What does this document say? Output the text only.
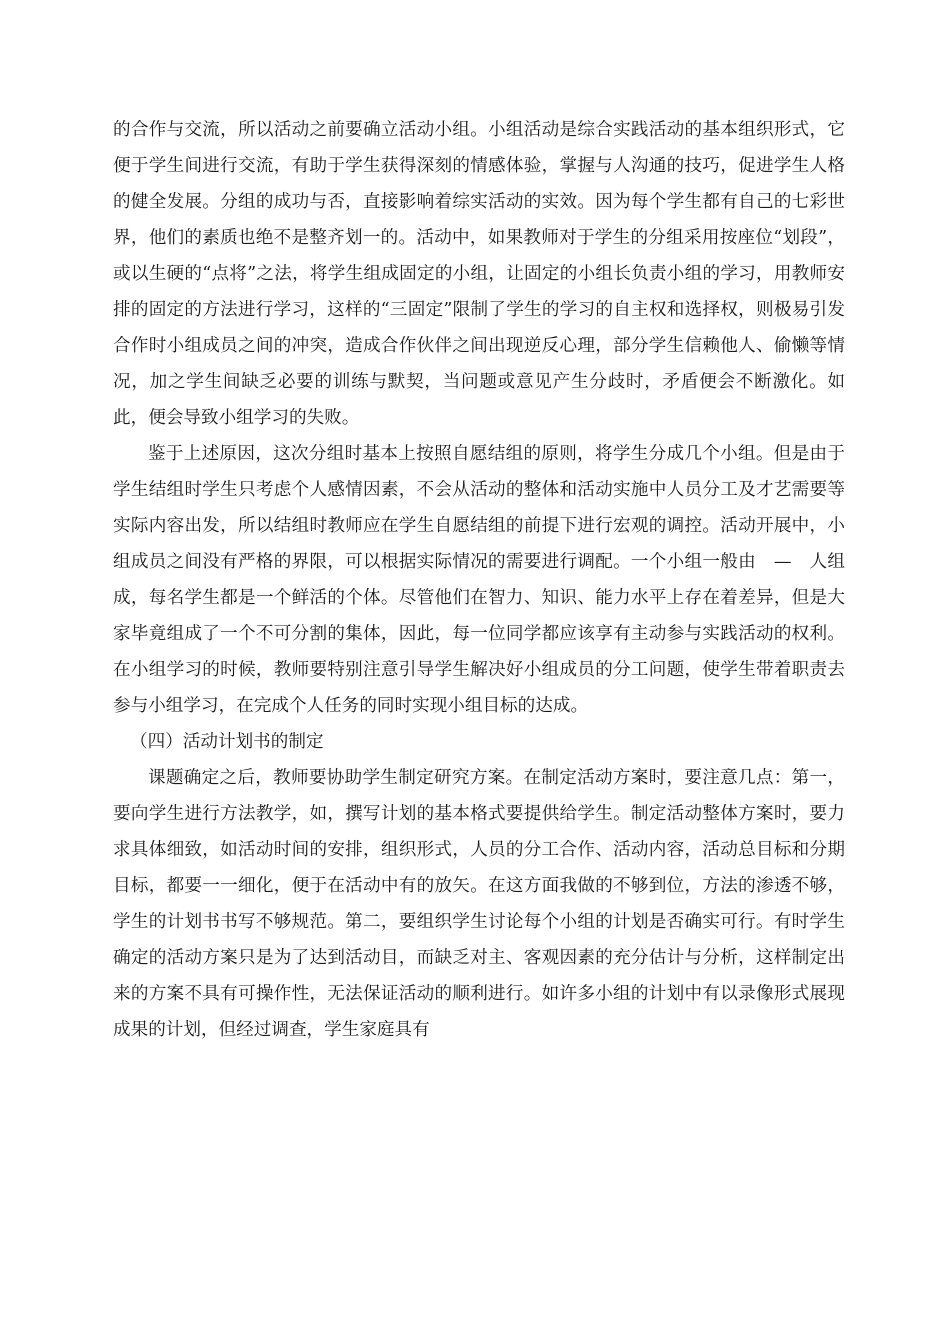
的合作与交流，所以活动之前要确立活动小组。小组活动是综合实践活动的基本组织形式，它便于学生间进行交流，有助于学生获得深刻的情感体验，掌握与人沟通的技巧，促进学生人格的健全发展。分组的成功与否，直接影响着综实活动的实效。因为每个学生都有自己的七彩世界，他们的素质也绝不是整齐划一的。活动中，如果教师对于学生的分组采用按座位“划段”，或以生硬的“点将”之法，将学生组成固定的小组，让固定的小组长负责小组的学习，用教师安排的固定的方法进行学习，这样的“三固定”限制了学生的学习的自主权和选择权，则极易引发合作时小组成员之间的冲突，造成合作伙伴之间出现逆反心理，部分学生信赖他人、偷懒等情况，加之学生间缺乏必要的训练与默契，当问题或意见产生分歧时，矛盾便会不断激化。如此，便会导致小组学习的失败。

鉴于上述原因，这次分组时基本上按照自愿结组的原则，将学生分成几个小组。但是由于学生结组时学生只考虑个人感情因素，不会从活动的整体和活动实施中人员分工及才艺需要等实际内容出发，所以结组时教师应在学生自愿结组的前提下进行宏观的调控。活动开展中，小组成员之间没有严格的界限，可以根据实际情况的需要进行调配。一个小组一般由　—　人组成，每名学生都是一个鲜活的个体。尽管他们在智力、知识、能力水平上存在着差异，但是大家毕竟组成了一个不可分割的集体，因此，每一位同学都应该享有主动参与实践活动的权利。在小组学习的时候，教师要特别注意引导学生解决好小组成员的分工问题，使学生带着职责去参与小组学习，在完成个人任务的同时实现小组目标的达成。

（四）活动计划书的制定

课题确定之后，教师要协助学生制定研究方案。在制定活动方案时，要注意几点：第一，要向学生进行方法教学，如，撰写计划的基本格式要提供给学生。制定活动整体方案时，要力求具体细致，如活动时间的安排，组织形式，人员的分工合作、活动内容，活动总目标和分期目标，都要一一细化，便于在活动中有的放矢。在这方面我做的不够到位，方法的渗透不够，学生的计划书书写不够规范。第二，要组织学生讨论每个小组的计划是否确实可行。有时学生确定的活动方案只是为了达到活动目，而缺乏对主、客观因素的充分估计与分析，这样制定出来的方案不具有可操作性，无法保证活动的顺利进行。如许多小组的计划中有以录像形式展现成果的计划，但经过调查，学生家庭具有
